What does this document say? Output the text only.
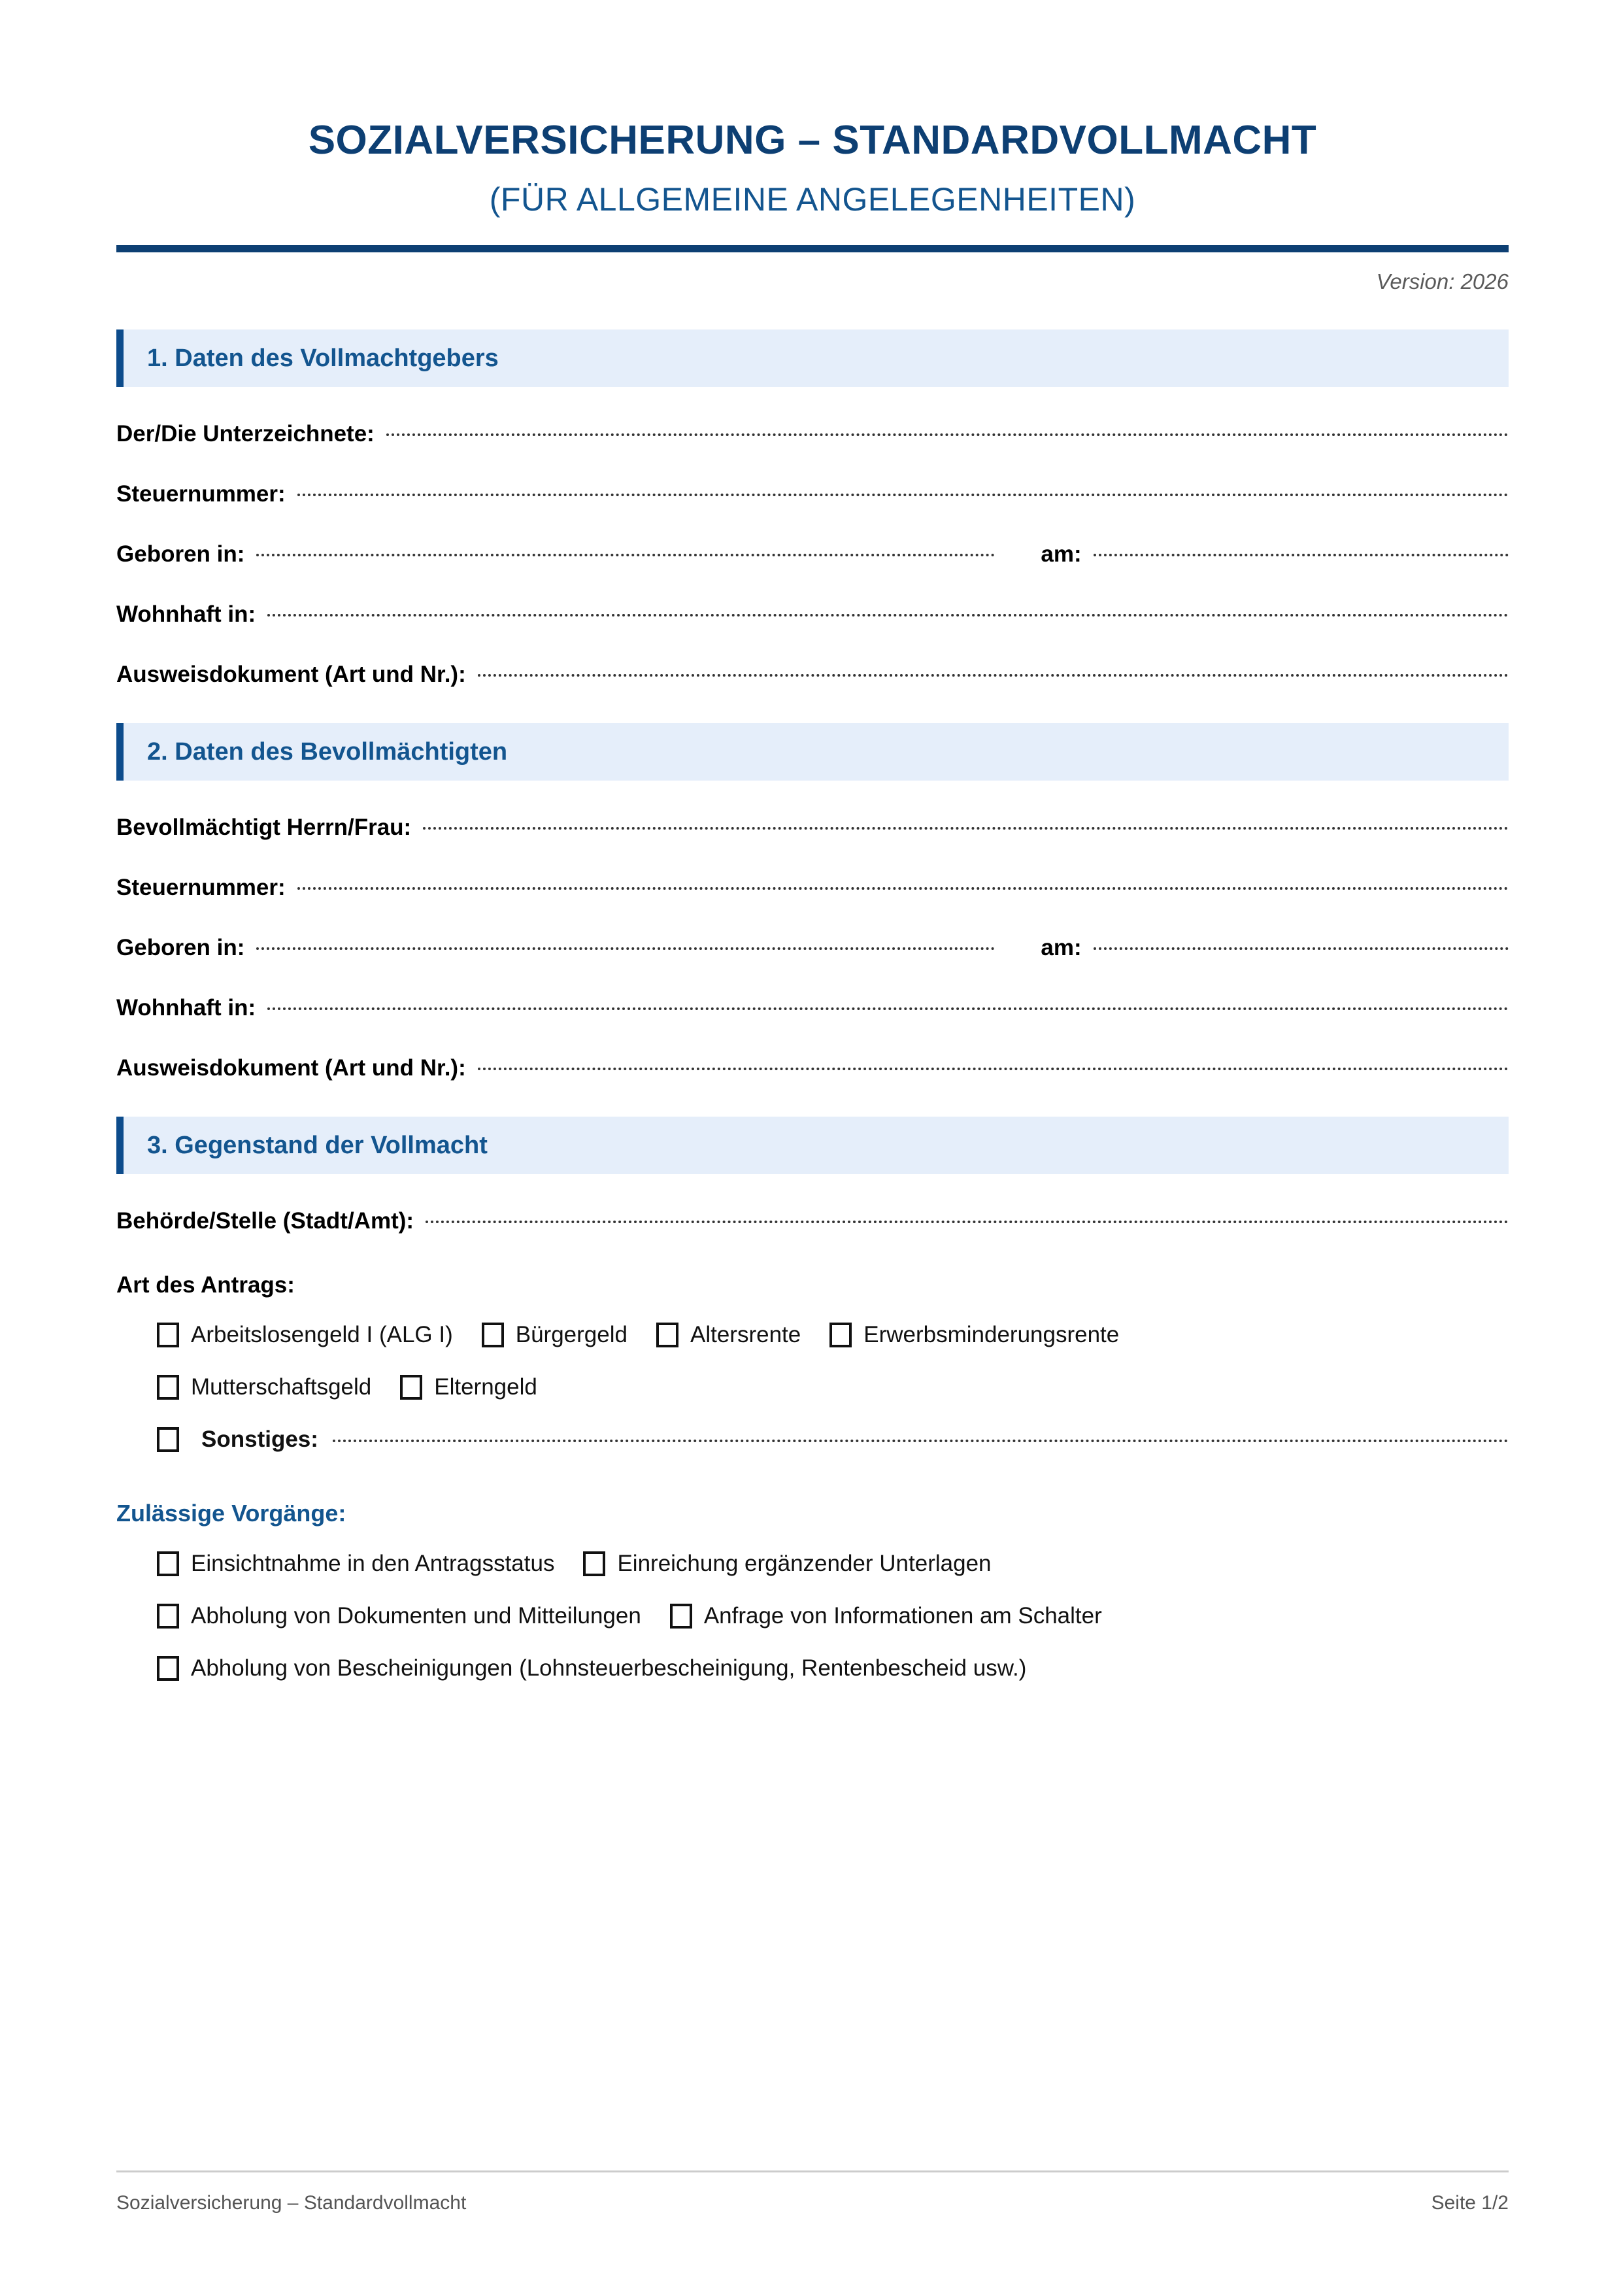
SOZIALVERSICHERUNG – STANDARDVOLLMACHT
(FÜR ALLGEMEINE ANGELEGENHEITEN)
Version: 2026
1. Daten des Vollmachtgebers
Der/Die Unterzeichnete:
Steuernummer:
Geboren in:	am:
Wohnhaft in:
Ausweisdokument (Art und Nr.):
2. Daten des Bevollmächtigten
Bevollmächtigt Herrn/Frau:
Steuernummer:
Geboren in:	am:
Wohnhaft in:
Ausweisdokument (Art und Nr.):
3. Gegenstand der Vollmacht
Behörde/Stelle (Stadt/Amt):
Art des Antrags:
Arbeitslosengeld I (ALG I)	Bürgergeld	Altersrente	Erwerbsminderungsrente
Mutterschaftsgeld	Elterngeld
Sonstiges:
Zulässige Vorgänge:
Einsichtnahme in den Antragsstatus	Einreichung ergänzender Unterlagen
Abholung von Dokumenten und Mitteilungen	Anfrage von Informationen am Schalter
Abholung von Bescheinigungen (Lohnsteuerbescheinigung, Rentenbescheid usw.)
Sozialversicherung – Standardvollmacht	Seite 1/2
